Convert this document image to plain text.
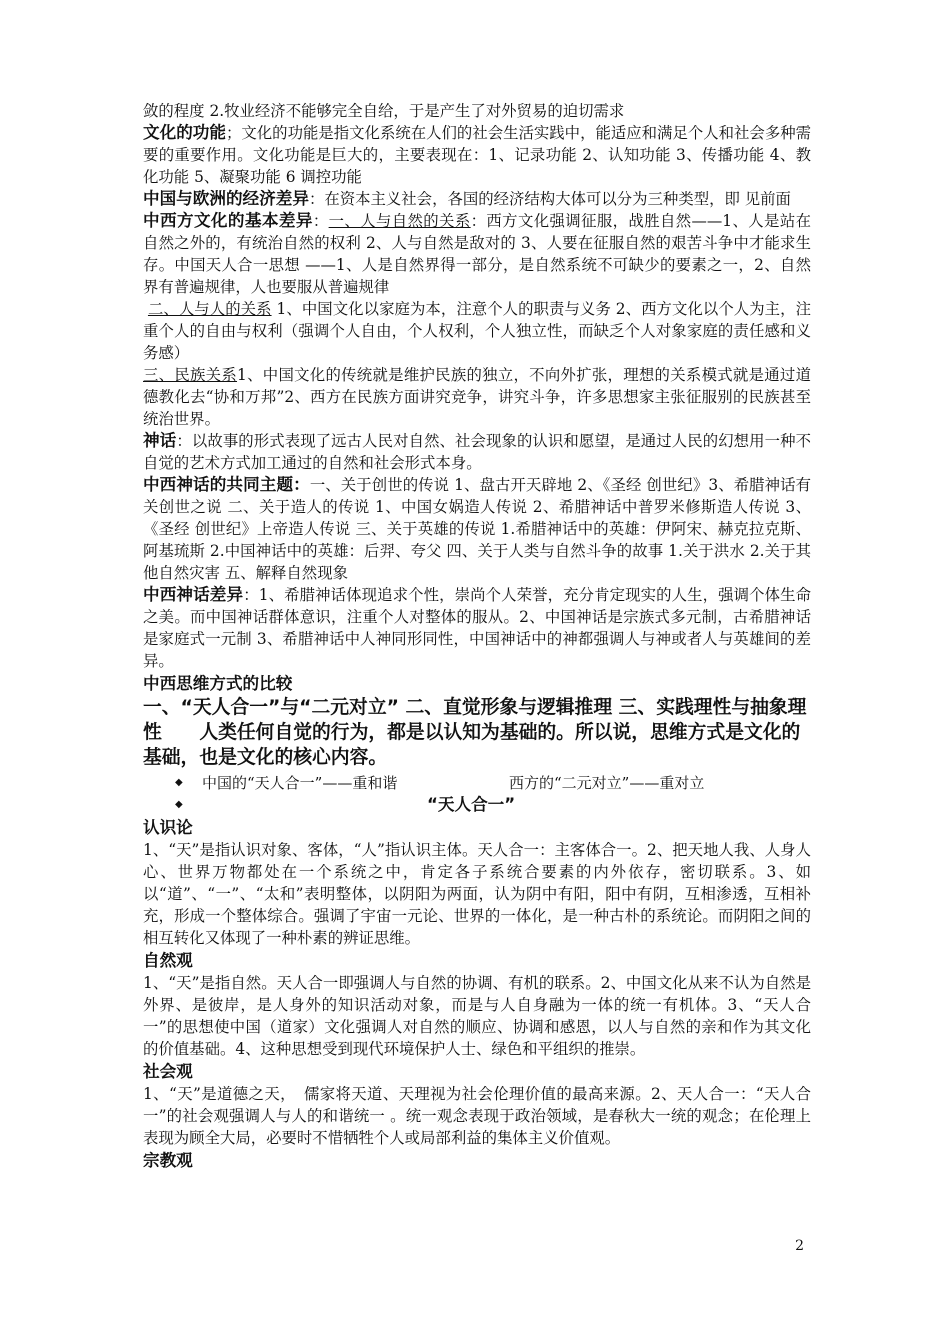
敛的程度 2.牧业经济不能够完全自给，于是产生了对外贸易的迫切需求

文化的功能；文化的功能是指文化系统在人们的社会生活实践中，能适应和满足个人和社会多种需要的重要作用。文化功能是巨大的，主要表现在：1、记录功能 2、认知功能 3、传播功能 4、教化功能 5、凝聚功能 6 调控功能

中国与欧洲的经济差异：在资本主义社会，各国的经济结构大体可以分为三种类型，即 见前面

中西方文化的基本差异：一、人与自然的关系：西方文化强调征服，战胜自然——1、人是站在自然之外的，有统治自然的权利 2、人与自然是敌对的 3、人要在征服自然的艰苦斗争中才能求生存。中国天人合一思想 ——1、人是自然界得一部分，是自然系统不可缺少的要素之一，2、自然界有普遍规律，人也要服从普遍规律

二、人与人的关系 1、中国文化以家庭为本，注意个人的职责与义务 2、西方文化以个人为主，注重个人的自由与权利（强调个人自由，个人权利，个人独立性，而缺乏个人对象家庭的责任感和义务感）

三、民族关系1、中国文化的传统就是维护民族的独立，不向外扩张，理想的关系模式就是通过道德教化去“协和万邦”2、西方在民族方面讲究竞争，讲究斗争，许多思想家主张征服别的民族甚至统治世界。

神话：以故事的形式表现了远古人民对自然、社会现象的认识和愿望，是通过人民的幻想用一种不自觉的艺术方式加工通过的自然和社会形式本身。

中西神话的共同主题：一、关于创世的传说 1、盘古开天辟地 2、《圣经 创世纪》3、希腊神话有关创世之说 二、关于造人的传说 1、中国女娲造人传说 2、希腊神话中普罗米修斯造人传说 3、《圣经 创世纪》上帝造人传说 三、关于英雄的传说 1.希腊神话中的英雄：伊阿宋、赫克拉克斯、阿基琉斯 2.中国神话中的英雄：后羿、夸父 四、关于人类与自然斗争的故事 1.关于洪水 2.关于其他自然灾害 五、解释自然现象

中西神话差异：1、希腊神话体现追求个性，崇尚个人荣誉，充分肯定现实的人生，强调个体生命之美。而中国神话群体意识，注重个人对整体的服从。2、中国神话是宗族式多元制，古希腊神话是家庭式一元制 3、希腊神话中人神同形同性，中国神话中的神都强调人与神或者人与英雄间的差异。

中西思维方式的比较

一、“天人合一”与“二元对立” 二、直觉形象与逻辑推理 三、实践理性与抽象理性　　人类任何自觉的行为，都是以认知为基础的。所以说，思维方式是文化的基础，也是文化的核心内容。

◆ 中国的“天人合一”——重和谐	西方的“二元对立”——重对立
◆	“天人合一”

认识论

1、“天”是指认识对象、客体，“人”指认识主体。天人合一：主客体合一。2、把天地人我、人身人心、世界万物都处在一个系统之中，肯定各子系统合要素的内外依存，密切联系。3、如以“道”、“一”、“太和”表明整体，以阴阳为两面，认为阴中有阳，阳中有阴，互相渗透，互相补充，形成一个整体综合。强调了宇宙一元论、世界的一体化，是一种古朴的系统论。而阴阳之间的相互转化又体现了一种朴素的辨证思维。

自然观

1、“天”是指自然。天人合一即强调人与自然的协调、有机的联系。2、中国文化从来不认为自然是外界、是彼岸，是人身外的知识活动对象，而是与人自身融为一体的统一有机体。3、“天人合一”的思想使中国（道家）文化强调人对自然的顺应、协调和感恩，以人与自然的亲和作为其文化的价值基础。4、这种思想受到现代环境保护人士、绿色和平组织的推崇。

社会观

1、“天”是道德之天，　儒家将天道、天理视为社会伦理价值的最高来源。2、天人合一：“天人合一”的社会观强调人与人的和谐统一 。统一观念表现于政治领域，是春秋大一统的观念；在伦理上表现为顾全大局，必要时不惜牺牲个人或局部利益的集体主义价值观。

宗教观

2
